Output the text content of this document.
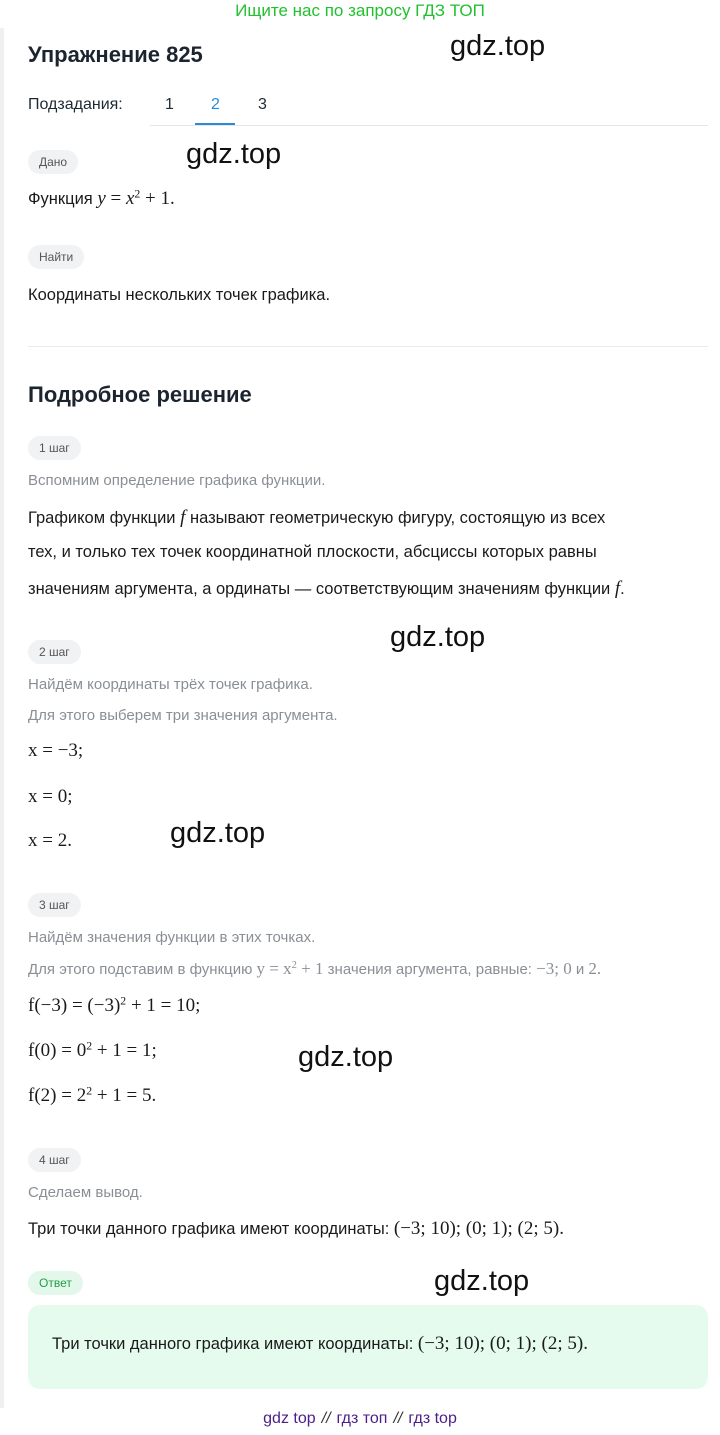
Ищите нас по запросу ГДЗ ТОП
gdz.top
gdz.top
gdz.top
gdz.top
gdz.top
gdz.top
Упражнение 825
Подзадания:	1 2 3
Дано
Функция $y = x^2 + 1$.
Найти
Координаты нескольких точек графика.
Подробное решение
1 шаг
Вспомним определение графика функции.
Графиком функции f называют геометрическую фигуру, состоящую из всех
тех, и только тех точек координатной плоскости, абсциссы которых равны
значениям аргумента, а ординаты — соответствующим значениям функции f.
2 шаг
Найдём координаты трёх точек графика.
Для этого выберем три значения аргумента.
x = −3;
x = 0;
x = 2.
3 шаг
Найдём значения функции в этих точках.
Для этого подставим в функцию $y = x^2 + 1$ значения аргумента, равные: −3; 0 и 2.
$f(-3) = (-3)^2 + 1 = 10$;
$f(0) = 0^2 + 1 = 1$;
$f(2) = 2^2 + 1 = 5$.
4 шаг
Сделаем вывод.
Три точки данного графика имеют координаты: (−3; 10); (0; 1); (2; 5).
Ответ
Три точки данного графика имеют координаты: (−3; 10); (0; 1); (2; 5).
gdz top // гдз топ // гдз top
